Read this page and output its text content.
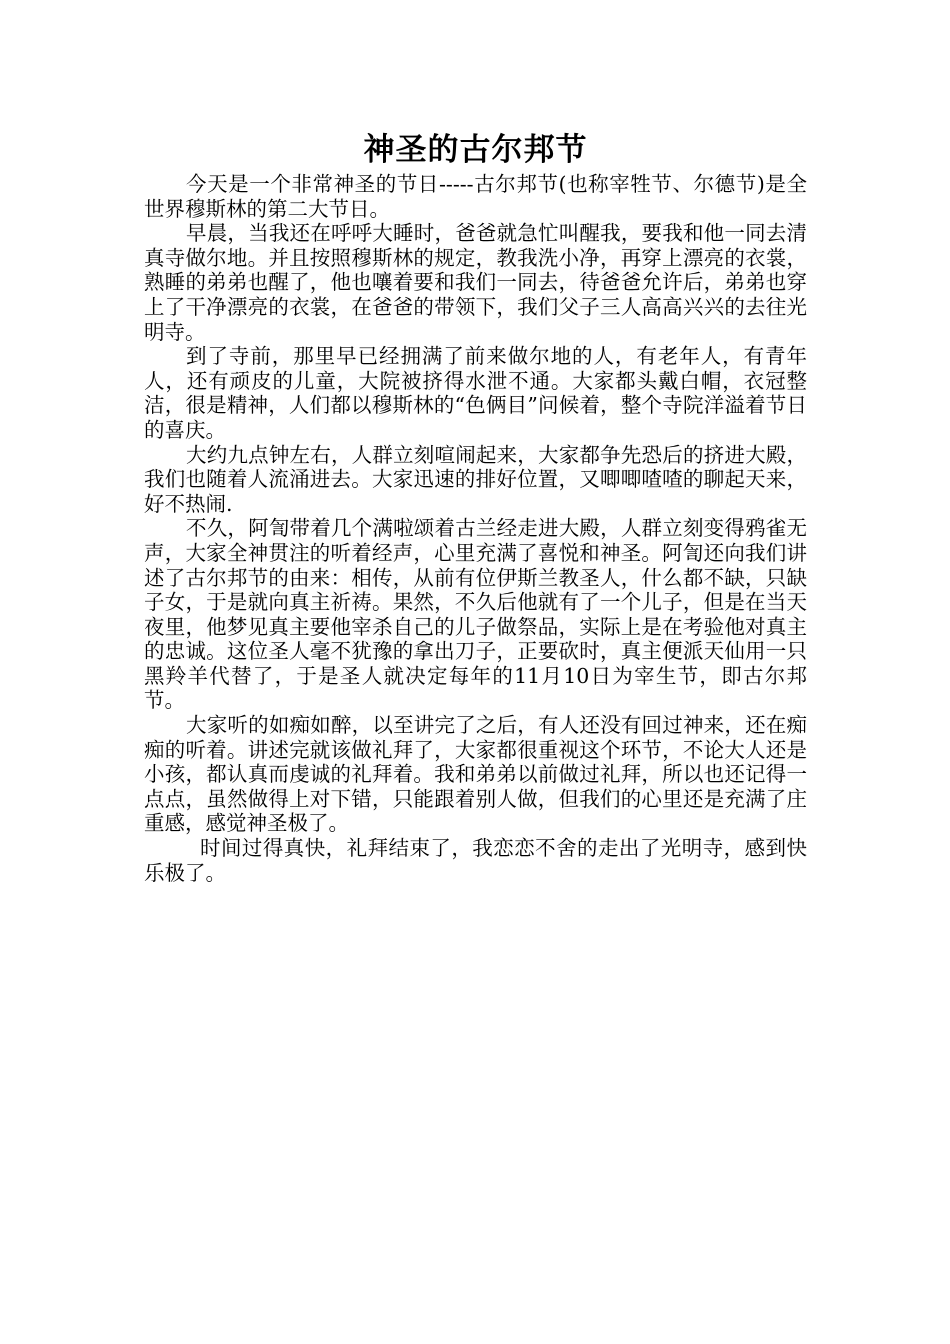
神圣的古尔邦节

今天是一个非常神圣的节日-----古尔邦节(也称宰牲节、尔德节)是全世界穆斯林的第二大节日。

早晨，当我还在呼呼大睡时，爸爸就急忙叫醒我，要我和他一同去清真寺做尔地。并且按照穆斯林的规定，教我洗小净，再穿上漂亮的衣裳，熟睡的弟弟也醒了，他也嚷着要和我们一同去，待爸爸允许后，弟弟也穿上了干净漂亮的衣裳，在爸爸的带领下，我们父子三人高高兴兴的去往光明寺。

到了寺前，那里早已经拥满了前来做尔地的人，有老年人，有青年人，还有顽皮的儿童，大院被挤得水泄不通。大家都头戴白帽，衣冠整洁，很是精神，人们都以穆斯林的“色俩目”问候着，整个寺院洋溢着节日的喜庆。

大约九点钟左右，人群立刻喧闹起来，大家都争先恐后的挤进大殿，我们也随着人流涌进去。大家迅速的排好位置，又唧唧喳喳的聊起天来，好不热闹.

不久，阿訇带着几个满啦颂着古兰经走进大殿，人群立刻变得鸦雀无声，大家全神贯注的听着经声，心里充满了喜悦和神圣。阿訇还向我们讲述了古尔邦节的由来：相传，从前有位伊斯兰教圣人，什么都不缺，只缺子女，于是就向真主祈祷。果然，不久后他就有了一个儿子，但是在当天夜里，他梦见真主要他宰杀自己的儿子做祭品，实际上是在考验他对真主的忠诚。这位圣人毫不犹豫的拿出刀子，正要砍时，真主便派天仙用一只黑羚羊代替了，于是圣人就决定每年的11月10日为宰生节，即古尔邦节。

大家听的如痴如醉，以至讲完了之后，有人还没有回过神来，还在痴痴的听着。讲述完就该做礼拜了，大家都很重视这个环节，不论大人还是小孩，都认真而虔诚的礼拜着。我和弟弟以前做过礼拜，所以也还记得一点点，虽然做得上对下错，只能跟着别人做，但我们的心里还是充满了庄重感，感觉神圣极了。

时间过得真快，礼拜结束了，我恋恋不舍的走出了光明寺，感到快乐极了。
